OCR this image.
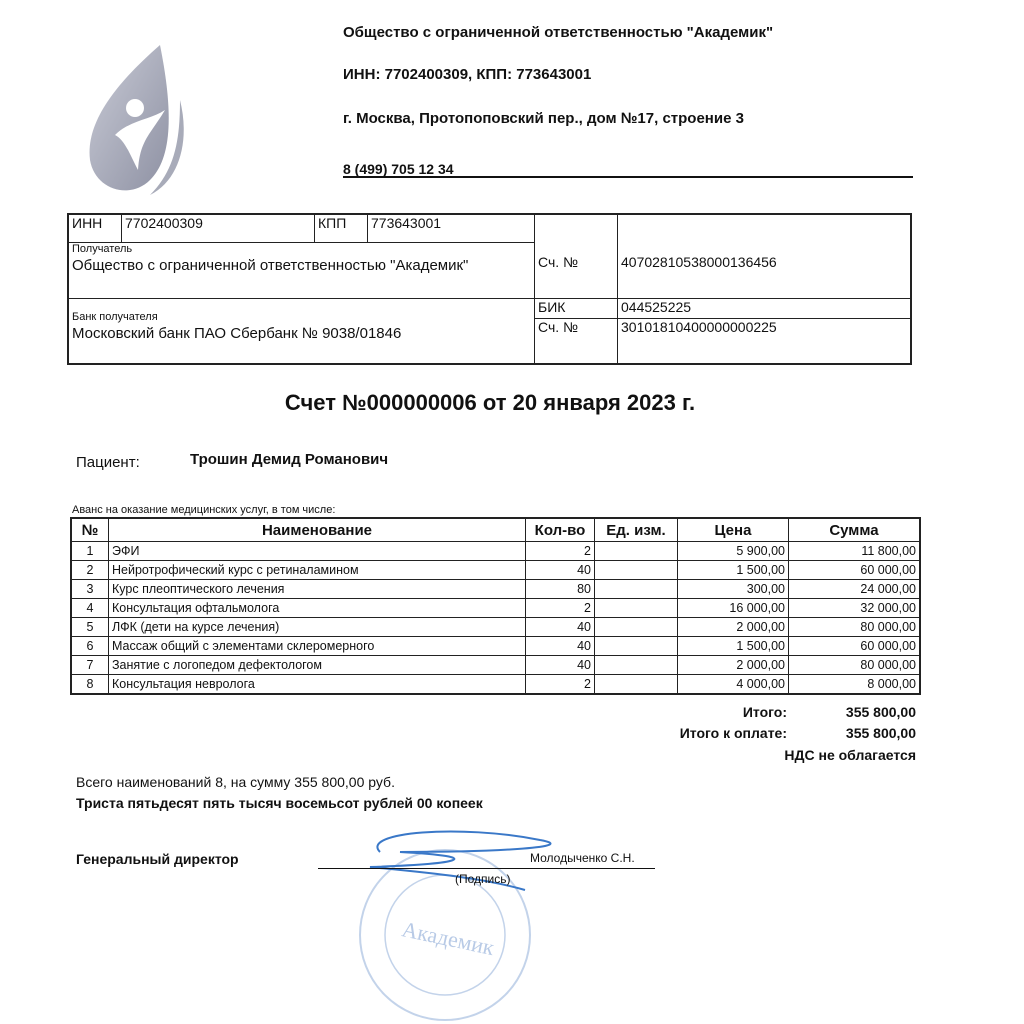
Общество с ограниченной ответственностью "Академик"
ИНН: 7702400309, КПП: 773643001
г. Москва, Протопоповский пер., дом №17, строение 3
8 (499) 705 12 34
ИНН	7702400309	КПП	773643001	Сч. №	40702810538000136456

Получатель
Общество с ограниченной ответственностью "Академик"					

Банк получателя
Московский банк ПАО Сбербанк № 9038/01846				БИК	044525225
				Сч. №	30101810400000000225
Счет №000000006 от 20 января 2023 г.
Пациент:	Трошин Демид Романович
Аванс на оказание медицинских услуг, в том числе:
№	Наименование	Кол-во	Ед. изм.	Цена	Сумма
1	ЭФИ	2		5 900,00	11 800,00
2	Нейротрофический курс с ретиналамином	40		1 500,00	60 000,00
3	Курс плеоптического лечения	80		300,00	24 000,00
4	Консультация офтальмолога	2		16 000,00	32 000,00
5	ЛФК (дети на курсе лечения)	40		2 000,00	80 000,00
6	Массаж общий с элементами склеромерного	40		1 500,00	60 000,00
7	Занятие с логопедом дефектологом	40		2 000,00	80 000,00
8	Консультация невролога	2		4 000,00	8 000,00
Итого:	355 800,00
Итого к оплате:	355 800,00
НДС не облагается
Всего наименований 8, на сумму 355 800,00 руб.
Триста пятьдесят пять тысяч восемьсот рублей 00 копеек
Академик
Генеральный директор	Молодыченко С.Н.
(Подпись)
